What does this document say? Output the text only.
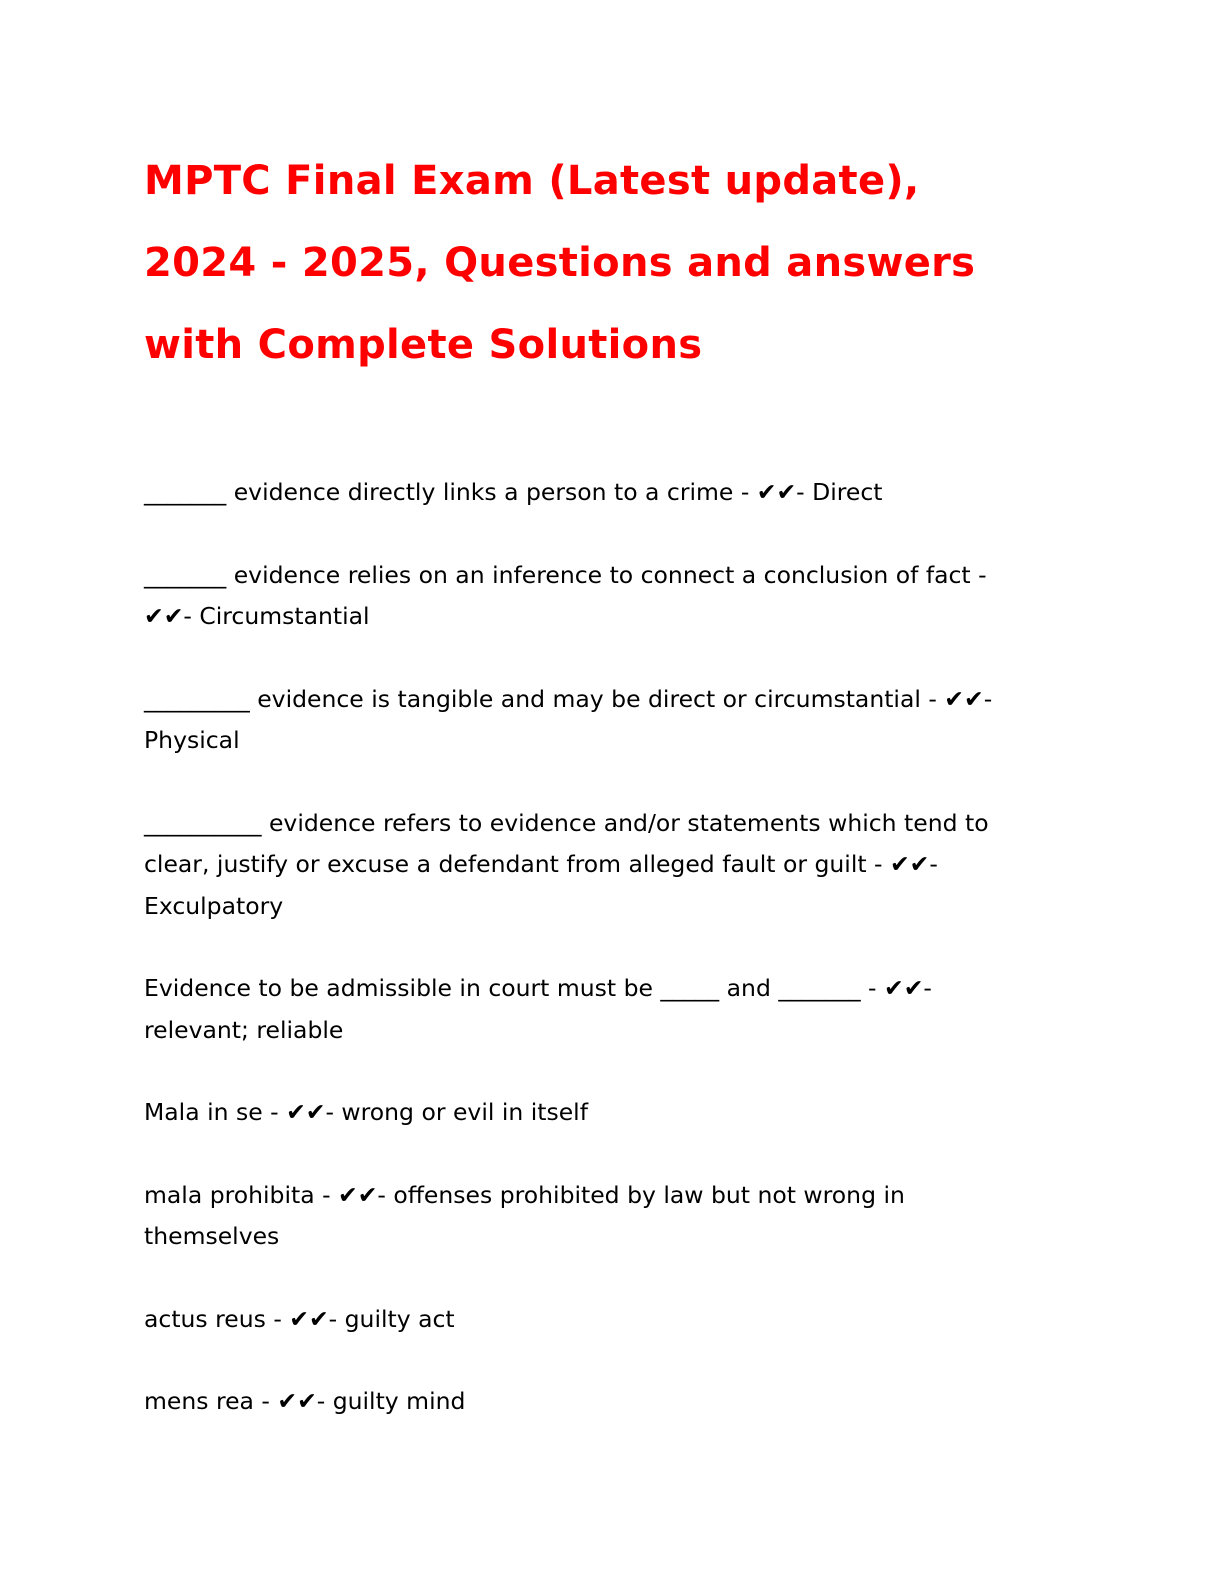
MPTC Final Exam (Latest update),
2024 - 2025, Questions and answers
with Complete Solutions
_______ evidence directly links a person to a crime - ✔✔- Direct
_______ evidence relies on an inference to connect a conclusion of fact -
✔✔- Circumstantial
_________ evidence is tangible and may be direct or circumstantial - ✔✔-
Physical
__________ evidence refers to evidence and/or statements which tend to
clear, justify or excuse a defendant from alleged fault or guilt - ✔✔-
Exculpatory
Evidence to be admissible in court must be _____ and _______ - ✔✔-
relevant; reliable
Mala in se - ✔✔- wrong or evil in itself
mala prohibita - ✔✔- offenses prohibited by law but not wrong in
themselves
actus reus - ✔✔- guilty act
mens rea - ✔✔- guilty mind
